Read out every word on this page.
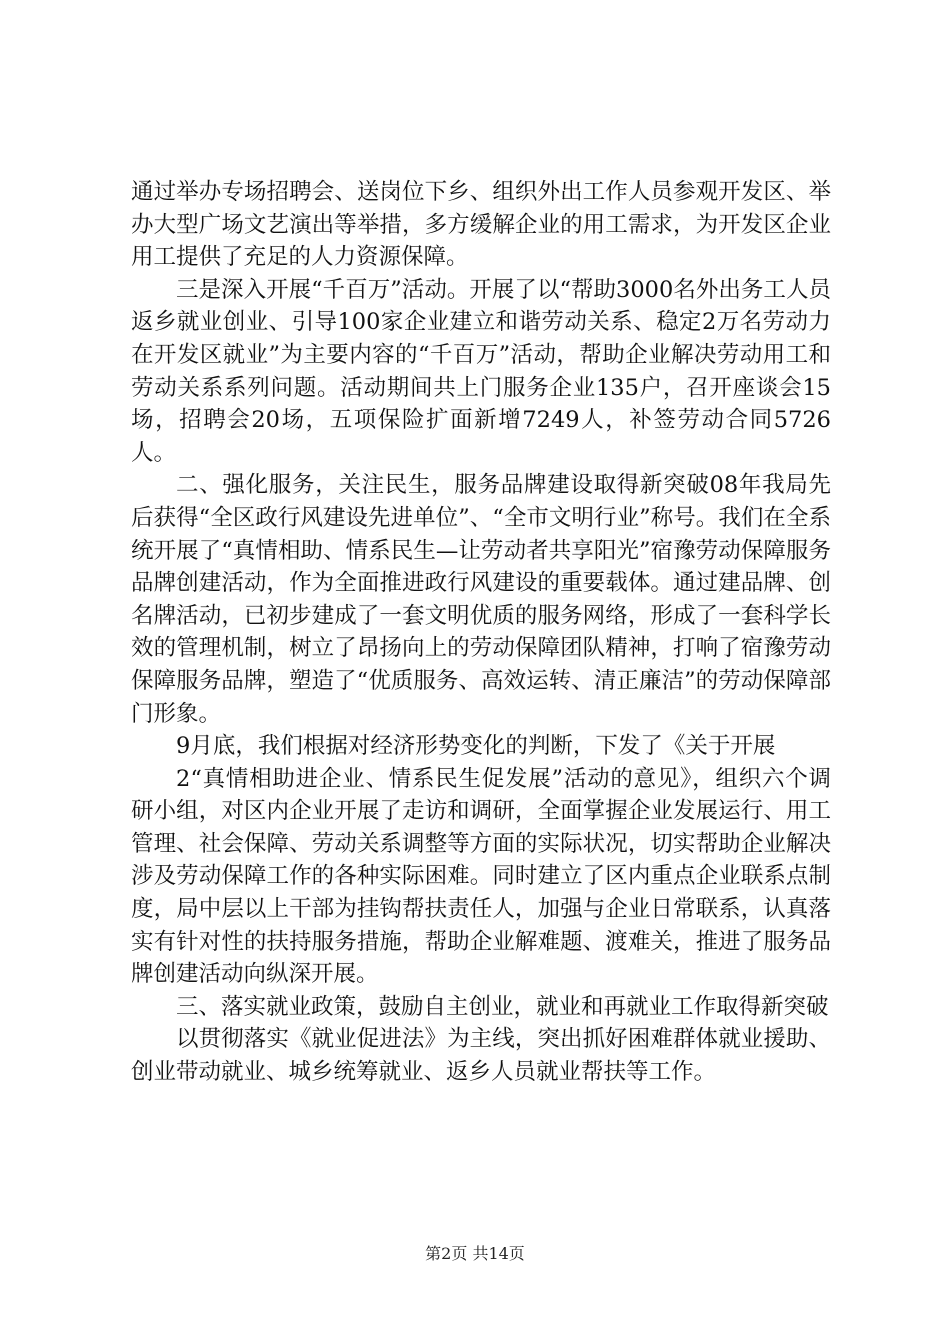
通过举办专场招聘会、送岗位下乡、组织外出工作人员参观开发区、举办大型广场文艺演出等举措，多方缓解企业的用工需求，为开发区企业用工提供了充足的人力资源保障。

三是深入开展“千百万”活动。开展了以“帮助3000名外出务工人员返乡就业创业、引导100家企业建立和谐劳动关系、稳定2万名劳动力在开发区就业”为主要内容的“千百万”活动，帮助企业解决劳动用工和劳动关系系列问题。活动期间共上门服务企业135户，召开座谈会15场，招聘会20场，五项保险扩面新增7249人，补签劳动合同5726人。

二、强化服务，关注民生，服务品牌建设取得新突破08年我局先后获得“全区政行风建设先进单位”、“全市文明行业”称号。我们在全系统开展了“真情相助、情系民生—让劳动者共享阳光”宿豫劳动保障服务品牌创建活动，作为全面推进政行风建设的重要载体。通过建品牌、创名牌活动，已初步建成了一套文明优质的服务网络，形成了一套科学长效的管理机制，树立了昂扬向上的劳动保障团队精神，打响了宿豫劳动保障服务品牌，塑造了“优质服务、高效运转、清正廉洁”的劳动保障部门形象。

9月底，我们根据对经济形势变化的判断，下发了《关于开展

2“真情相助进企业、情系民生促发展”活动的意见》，组织六个调研小组，对区内企业开展了走访和调研，全面掌握企业发展运行、用工管理、社会保障、劳动关系调整等方面的实际状况，切实帮助企业解决涉及劳动保障工作的各种实际困难。同时建立了区内重点企业联系点制度，局中层以上干部为挂钩帮扶责任人，加强与企业日常联系，认真落实有针对性的扶持服务措施，帮助企业解难题、渡难关，推进了服务品牌创建活动向纵深开展。

三、落实就业政策，鼓励自主创业，就业和再就业工作取得新突破

以贯彻落实《就业促进法》为主线，突出抓好困难群体就业援助、创业带动就业、城乡统筹就业、返乡人员就业帮扶等工作。

第2页 共14页
